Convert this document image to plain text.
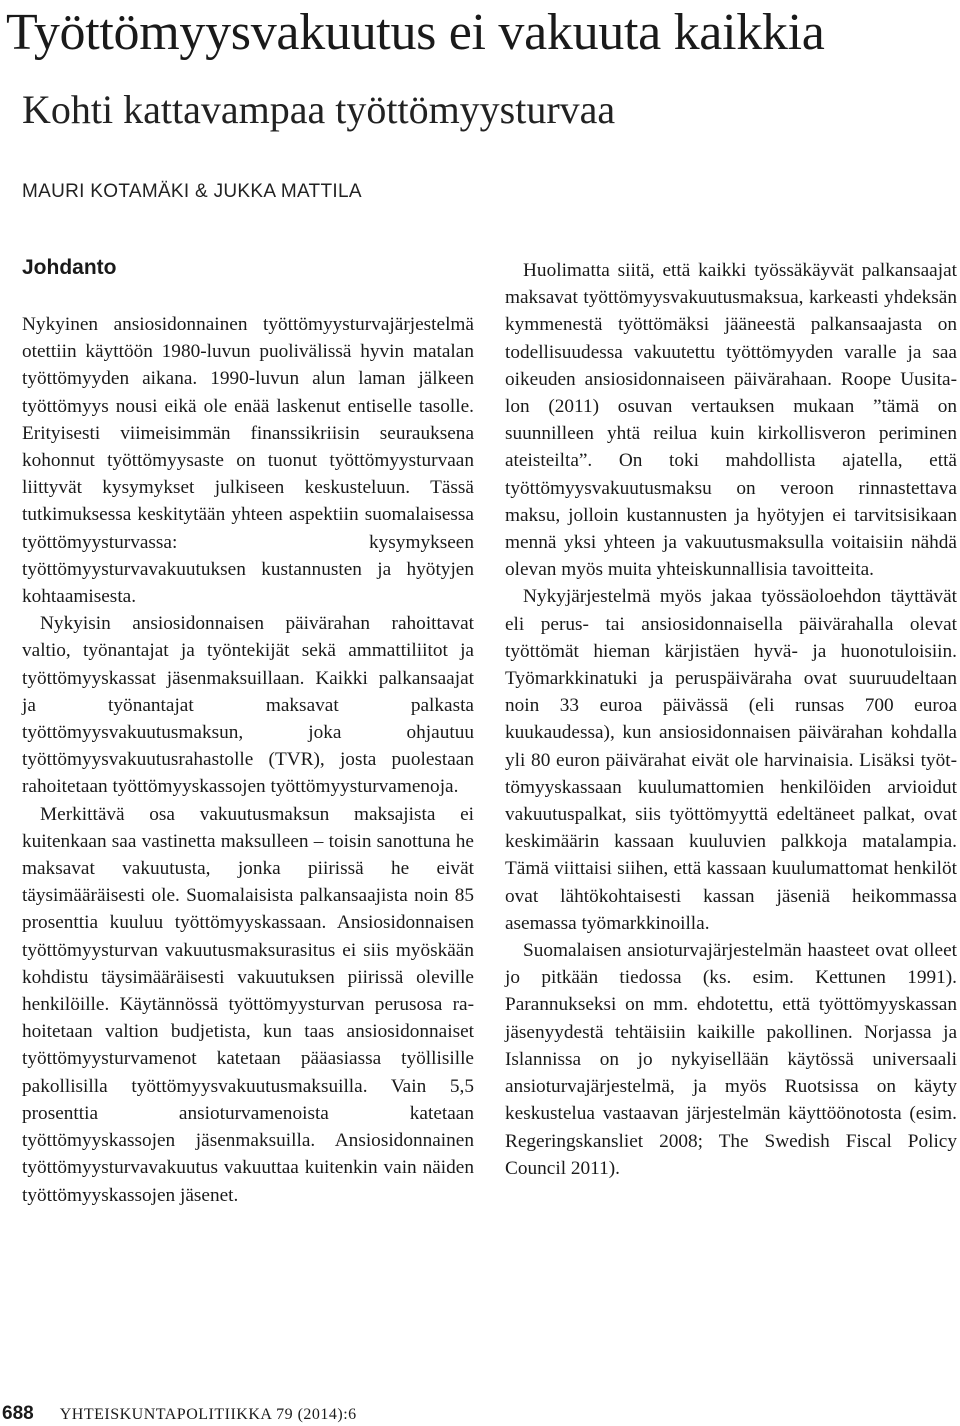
Työttömyysvakuutus ei vakuuta kaikkia
Kohti kattavampaa työttömyysturvaa
MAURI KOTAMÄKI & JUKKA MATTILA
Johdanto

Nykyinen ansiosidonnainen työttömyysturvajärjestelmä otettiin käyttöön 1980-luvun puolivälissä hyvin matalan työttömyyden aikana. 1990-luvun alun laman jälkeen työttömyys nousi eikä ole enää laskenut entiselle tasolle. Erityisesti viimeisimmän finanssikriisin seurauksena kohonnut työttömyysaste on tuonut työttömyysturvaan liittyvät kysymykset julkiseen keskusteluun. Tässä tutkimuksessa keskitytään yhteen aspektiin suomalaisessa työttömyysturvassa: kysymykseen työttömyysturvavakuutuksen kustannusten ja hyötyjen kohtaamisesta.

Nykyisin ansiosidonnaisen päivärahan rahoittavat valtio, työnantajat ja työntekijät sekä ammattiliitot ja työttömyyskassat jäsenmaksuillaan. Kaikki palkansaajat ja työnantajat maksavat palkasta työttömyysvakuutusmaksun, joka ohjautuu työttömyysvakuutusrahastolle (TVR), josta puolestaan rahoitetaan työttömyyskassojen työttömyysturvamenoja.

Merkittävä osa vakuutusmaksun maksajista ei kuitenkaan saa vastinetta maksulleen – toisin sanottuna he maksavat vakuutusta, jonka piirissä he eivät täysimääräisesti ole. Suomalaisista palkansaajista noin 85 prosenttia kuuluu työttömyyskassaan. Ansiosidonnaisen työttömyysturvan vakuutusmaksurasitus ei siis myöskään kohdistu täysimääräisesti vakuutuksen piirissä oleville henkilöille. Käytännössä työttömyysturvan perusosa rahoitetaan valtion budjetista, kun taas ansiosidonnaiset työttömyysturvamenot katetaan pääasiassa työllisille pakollisilla työttömyysvakuutusmaksuilla. Vain 5,5 prosenttia ansioturvamenoista katetaan työttömyyskassojen jäsenmaksuilla. Ansiosidonnainen työttömyysturvavakuutus vakuuttaa kuitenkin vain näiden työttömyyskassojen jäsenet.

Huolimatta siitä, että kaikki työssäkäyvät palkansaajat maksavat työttömyysvakuutusmaksua, karkeasti yhdeksän kymmenestä työttömäksi jääneestä palkansaajasta on todellisuudessa vakuutettu työttömyyden varalle ja saa oikeuden ansiosidonnaiseen päivärahaan. Roope Uusitalon (2011) osuvan vertauksen mukaan ”tämä on suunnilleen yhtä reilua kuin kirkollisveron periminen ateisteilta”. On toki mahdollista ajatella, että työttömyysvakuutusmaksu on veroon rinnastettava maksu, jolloin kustannusten ja hyötyjen ei tarvitsisikaan mennä yksi yhteen ja vakuutusmaksulla voitaisiin nähdä olevan myös muita yhteiskunnallisia tavoitteita.

Nykyjärjestelmä myös jakaa työssäoloehdon täyttävät eli perus- tai ansiosidonnaisella päivärahalla olevat työttömät hieman kärjistäen hyvä- ja huonotuloisiin. Työmarkkinatuki ja peruspäiväraha ovat suuruudeltaan noin 33 euroa päivässä (eli runsas 700 euroa kuukaudessa), kun ansiosidonnaisen päivärahan kohdalla yli 80 euron päivärahat eivät ole harvinaisia. Lisäksi työttömyyskassaan kuulumattomien henkilöiden arvioidut vakuutuspalkat, siis työttömyyttä edeltäneet palkat, ovat keskimäärin kassaan kuuluvien palkkoja matalampia. Tämä viittaisi siihen, että kassaan kuulumattomat henkilöt ovat lähtökohtaisesti kassan jäseniä heikommassa asemassa työmarkkinoilla.

Suomalaisen ansioturvajärjestelmän haasteet ovat olleet jo pitkään tiedossa (ks. esim. Kettunen 1991). Parannukseksi on mm. ehdotettu, että työttömyyskassan jäsenyydestä tehtäisiin kaikille pakollinen. Norjassa ja Islannissa on jo nykyisellään käytössä universaali ansioturvajärjestelmä, ja myös Ruotsissa on käyty keskustelua vastaavan järjestelmän käyttöönotosta (esim. Regeringskansliet 2008; The Swedish Fiscal Policy Council 2011).

688 YHTEISKUNTAPOLITIIKKA 79 (2014):6
